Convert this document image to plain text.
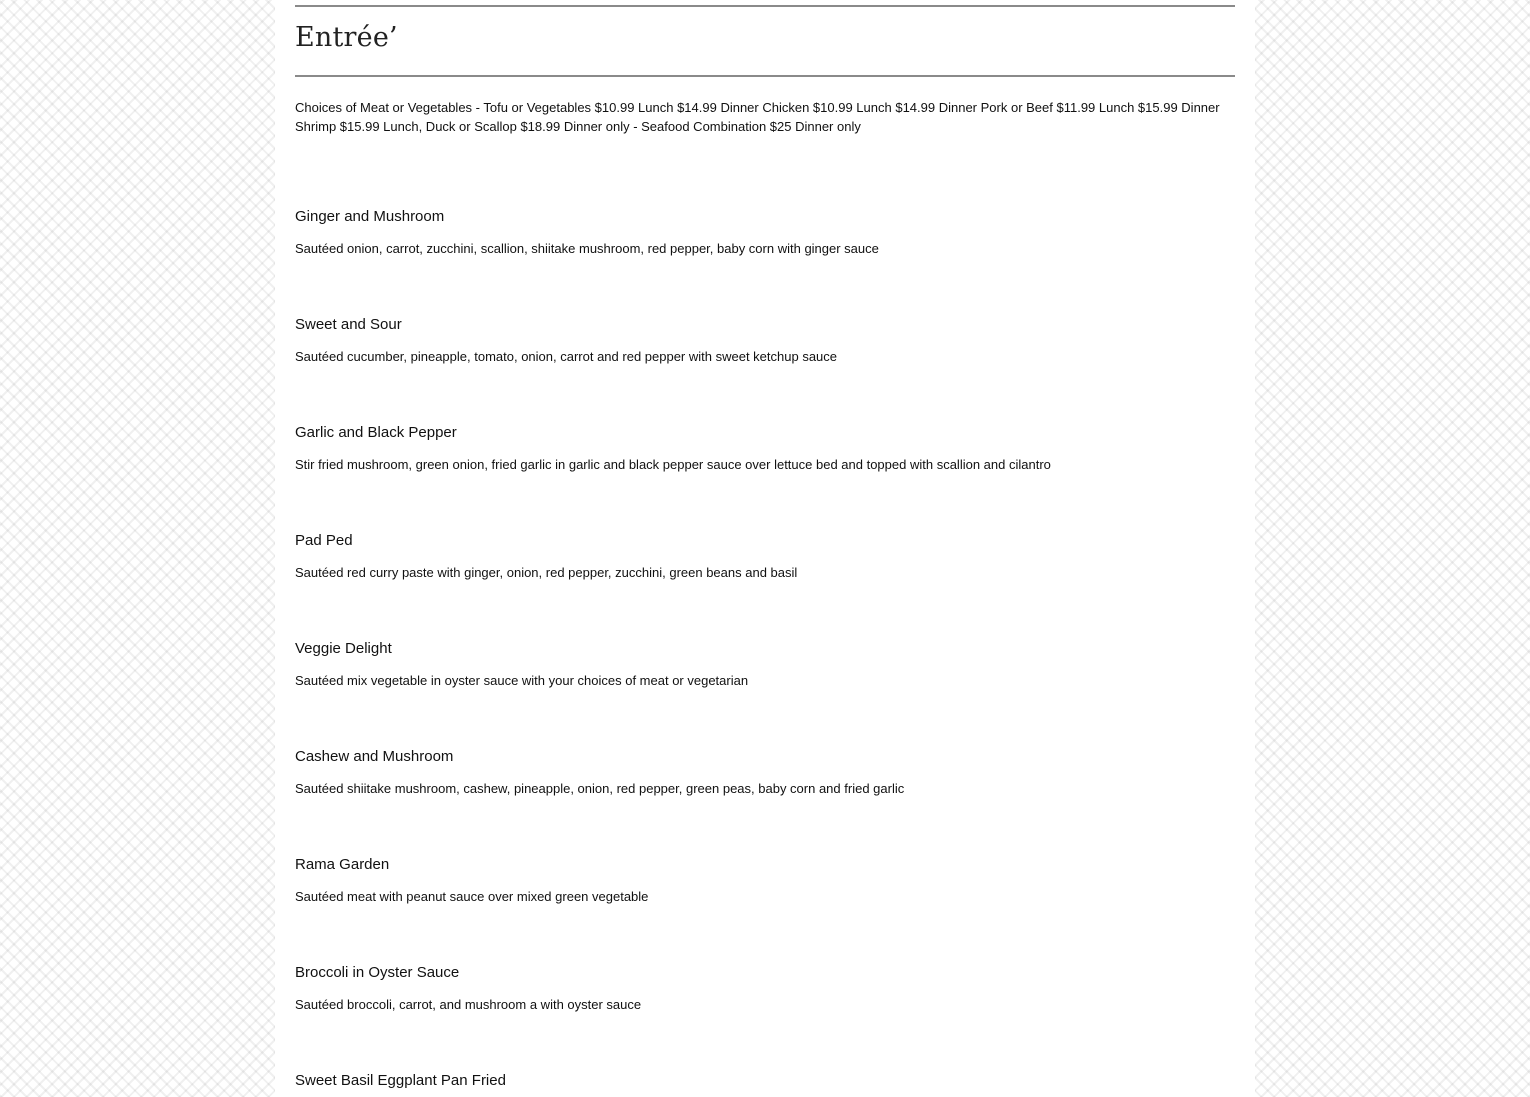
Entrée’

Choices of Meat or Vegetables - Tofu or Vegetables $10.99 Lunch $14.99 Dinner Chicken $10.99 Lunch $14.99 Dinner Pork or Beef $11.99 Lunch $15.99 Dinner Shrimp $15.99 Lunch, Duck or Scallop $18.99 Dinner only - Seafood Combination $25 Dinner only

Ginger and Mushroom

Sautéed onion, carrot, zucchini, scallion, shiitake mushroom, red pepper, baby corn with ginger sauce

Sweet and Sour

Sautéed cucumber, pineapple, tomato, onion, carrot and red pepper with sweet ketchup sauce

Garlic and Black Pepper

Stir fried mushroom, green onion, fried garlic in garlic and black pepper sauce over lettuce bed and topped with scallion and cilantro

Pad Ped

Sautéed red curry paste with ginger, onion, red pepper, zucchini, green beans and basil

Veggie Delight

Sautéed mix vegetable in oyster sauce with your choices of meat or vegetarian

Cashew and Mushroom

Sautéed shiitake mushroom, cashew, pineapple, onion, red pepper, green peas, baby corn and fried garlic

Rama Garden

Sautéed meat with peanut sauce over mixed green vegetable

Broccoli in Oyster Sauce

Sautéed broccoli, carrot, and mushroom a with oyster sauce

Sweet Basil Eggplant Pan Fried
